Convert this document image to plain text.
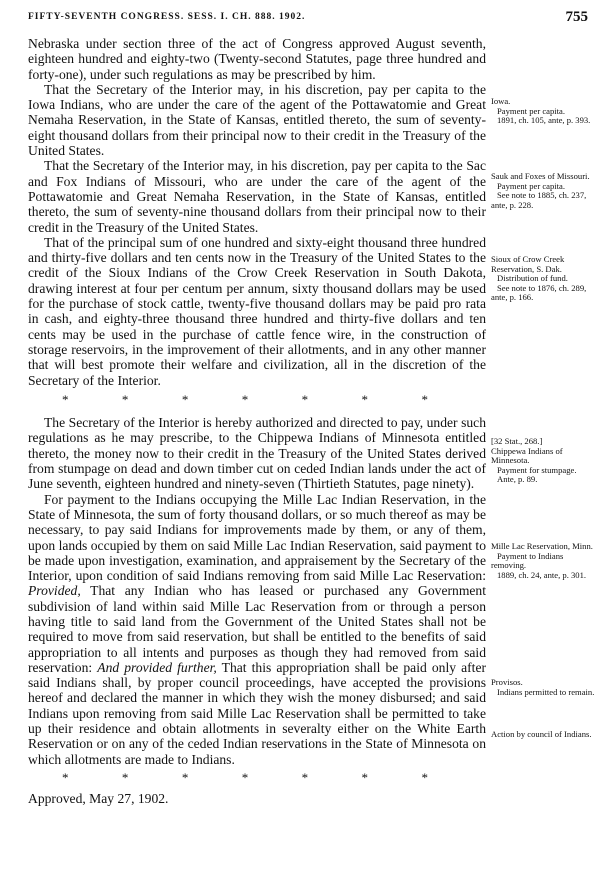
FIFTY-SEVENTH CONGRESS. SESS. I. CH. 888. 1902.	755

Nebraska under section three of the act of Congress approved August seventh, eighteen hundred and eighty-two (Twenty-second Statutes, page three hundred and forty-one), under such regulations as may be prescribed by him.

That the Secretary of the Interior may, in his discretion, pay per capita to the Iowa Indians, who are under the care of the agent of the Pottawatomie and Great Nemaha Reservation, in the State of Kansas, entitled thereto, the sum of seventy-eight thousand dollars from their principal now to their credit in the Treasury of the United States.

That the Secretary of the Interior may, in his discretion, pay per capita to the Sac and Fox Indians of Missouri, who are under the care of the agent of the Pottawatomie and Great Nemaha Reservation, in the State of Kansas, entitled thereto, the sum of seventy-nine thousand dollars from their principal now to their credit in the Treasury of the United States.

That of the principal sum of one hundred and sixty-eight thousand three hundred and thirty-five dollars and ten cents now in the Treasury of the United States to the credit of the Sioux Indians of the Crow Creek Reservation in South Dakota, drawing interest at four per centum per annum, sixty thousand dollars may be used for the purchase of stock cattle, twenty-five thousand dollars may be paid pro rata in cash, and eighty-three thousand three hundred and thirty-five dollars and ten cents may be used in the purchase of cattle fence wire, in the construction of storage reservoirs, in the improvement of their allotments, and in any other manner that will best promote their welfare and civilization, all in the discretion of the Secretary of the Interior.

*	*	*	*	*	*	*

The Secretary of the Interior is hereby authorized and directed to pay, under such regulations as he may prescribe, to the Chippewa Indians of Minnesota entitled thereto, the money now to their credit in the Treasury of the United States derived from stumpage on dead and down timber cut on ceded Indian lands under the act of June seventh, eighteen hundred and ninety-seven (Thirtieth Statutes, page ninety).

For payment to the Indians occupying the Mille Lac Indian Reservation, in the State of Minnesota, the sum of forty thousand dollars, or so much thereof as may be necessary, to pay said Indians for improvements made by them, or any of them, upon lands occupied by them on said Mille Lac Indian Reservation, said payment to be made upon investigation, examination, and appraisement by the Secretary of the Interior, upon condition of said Indians removing from said Mille Lac Reservation: Provided, That any Indian who has leased or purchased any Government subdivision of land within said Mille Lac Reservation from or through a person having title to said land from the Government of the United States shall not be required to move from said reservation, but shall be entitled to the benefits of said appropriation to all intents and purposes as though they had removed from said reservation: And provided further, That this appropriation shall be paid only after said Indians shall, by proper council proceedings, have accepted the provisions hereof and declared the manner in which they wish the money disbursed; and said Indians upon removing from said Mille Lac Reservation shall be permitted to take up their residence and obtain allotments in severalty either on the White Earth Reservation or on any of the ceded Indian reservations in the State of Minnesota on which allotments are made to Indians.

*	*	*	*	*	*	*

Approved, May 27, 1902.

Iowa.
Payment per capita.
1891, ch. 105, ante, p. 393.
Sauk and Foxes of Missouri.
Payment per capita.
See note to 1885, ch. 237, ante, p. 228.
Sioux of Crow Creek Reservation, S. Dak.
Distribution of fund.
See note to 1876, ch. 289, ante, p. 166.
[32 Stat., 268.]
Chippewa Indians of Minnesota.
Payment for stumpage.
Ante, p. 89.
Mille Lac Reservation, Minn.
Payment to Indians removing.
1889, ch. 24, ante, p. 301.
Provisos.
Indians permitted to remain.
Action by council of Indians.
